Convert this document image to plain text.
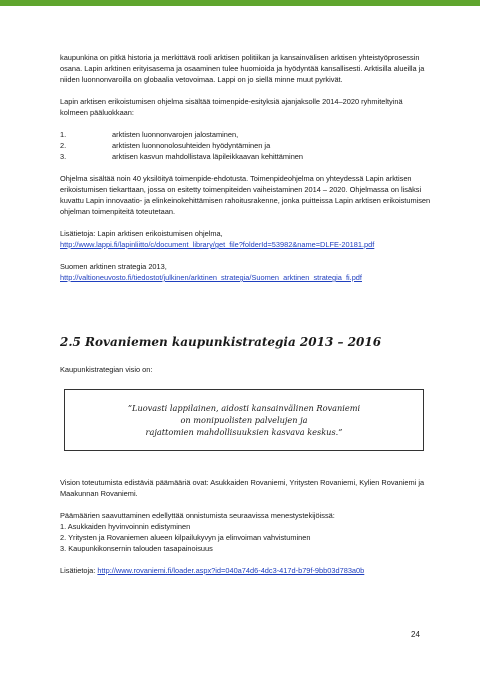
kaupunkina on pitkä historia ja merkittävä rooli arktisen politiikan ja kansainvälisen arktisen yhteistyöprosessin osana. Lapin arktinen erityisasema ja osaaminen tulee huomioida ja hyödyntää kansallisesti. Arktisilla alueilla ja niiden luonnonvaroilla on globaalia vetovoimaa. Lappi on jo siellä minne muut pyrkivät.

Lapin arktisen erikoistumisen ohjelma sisältää toimenpide-esityksiä ajanjaksolle 2014–2020 ryhmiteltyinä kolmeen pääluokkaan:

1.	arktisten luonnonvarojen jalostaminen,
2.	arktisten luonnonolosuhteiden hyödyntäminen ja
3.	arktisen kasvun mahdollistava läpileikkaavan kehittäminen

Ohjelma sisältää noin 40 yksilöityä toimenpide-ehdotusta. Toimenpideohjelma on yhteydessä Lapin arktisen erikoistumisen tiekarttaan, jossa on esitetty toimenpiteiden vaiheistaminen 2014 – 2020. Ohjelmassa on lisäksi kuvattu Lapin innovaatio- ja elinkeinokehittämisen rahoitusrakenne, jonka puitteissa Lapin arktisen erikoistumisen ohjelman toimenpiteitä toteutetaan.

Lisätietoja: Lapin arktisen erikoistumisen ohjelma,

http://www.lappi.fi/lapinliitto/c/document_library/get_file?folderId=53982&name=DLFE-20181.pdf

Suomen arktinen strategia 2013,

http://valtioneuvosto.fi/tiedostot/julkinen/arktinen_strategia/Suomen_arktinen_strategia_fi.pdf
2.5 Rovaniemen kaupunkistrategia 2013 – 2016

Kaupunkistrategian visio on:

”Luovasti lappilainen, aidosti kansainvälinen Rovaniemi
on monipuolisten palvelujen ja
rajattomien mahdollisuuksien kasvava keskus.”

Vision toteutumista edistäviä päämääriä ovat: Asukkaiden Rovaniemi, Yritysten Rovaniemi, Kylien Rovaniemi ja Maakunnan Rovaniemi.

Päämäärien saavuttaminen edellyttää onnistumista seuraavissa menestystekijöissä:

1. Asukkaiden hyvinvoinnin edistyminen
2. Yritysten ja Rovaniemen alueen kilpailukyvyn ja elinvoiman vahvistuminen
3. Kaupunkikonsernin talouden tasapainoisuus

Lisätietoja: http://www.rovaniemi.fi/loader.aspx?id=040a74d6-4dc3-417d-b79f-9bb03d783a0b

24
